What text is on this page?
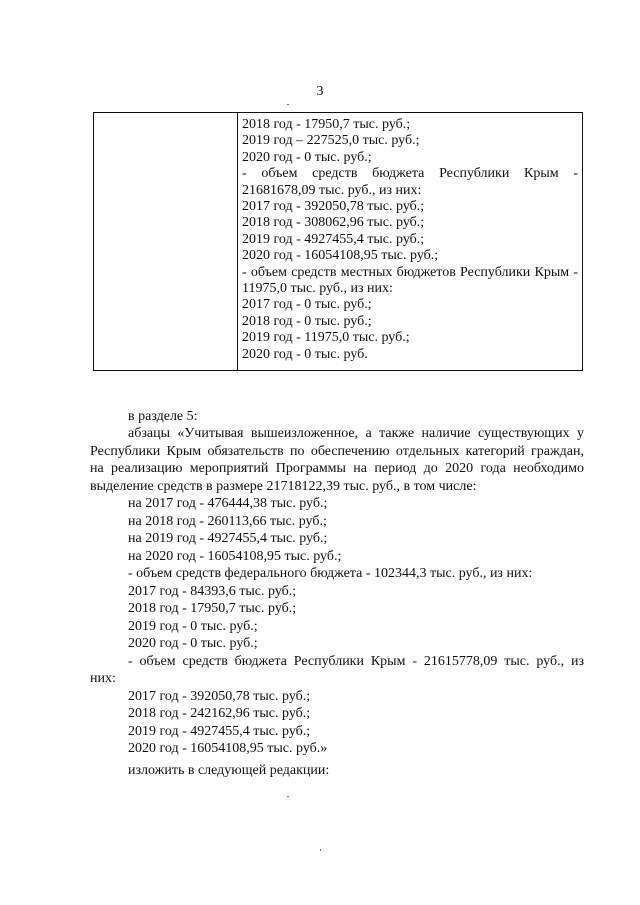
3

2018 год - 17950,7 тыс. руб.;
2019 год – 227525,0 тыс. руб.;
2020 год - 0 тыс. руб.;
- объем средств бюджета Республики Крым -
21681678,09 тыс. руб., из них:
2017 год - 392050,78 тыс. руб.;
2018 год - 308062,96 тыс. руб.;
2019 год - 4927455,4 тыс. руб.;
2020 год - 16054108,95 тыс. руб.;
- объем средств местных бюджетов Республики Крым -
11975,0 тыс. руб., из них:
2017 год - 0 тыс. руб.;
2018 год - 0 тыс. руб.;
2019 год - 11975,0 тыс. руб.;
2020 год - 0 тыс. руб.
в разделе 5:
абзацы «Учитывая вышеизложенное, а также наличие существующих у
Республики Крым обязательств по обеспечению отдельных категорий граждан,
на реализацию мероприятий Программы на период до 2020 года необходимо
выделение средств в размере 21718122,39 тыс. руб., в том числе:
на 2017 год - 476444,38 тыс. руб.;
на 2018 год - 260113,66 тыс. руб.;
на 2019 год - 4927455,4 тыс. руб.;
на 2020 год - 16054108,95 тыс. руб.;
- объем средств федерального бюджета - 102344,3 тыс. руб., из них:
2017 год - 84393,6 тыс. руб.;
2018 год - 17950,7 тыс. руб.;
2019 год - 0 тыс. руб.;
2020 год - 0 тыс. руб.;
- объем средств бюджета Республики Крым - 21615778,09 тыс. руб., из
них:
2017 год - 392050,78 тыс. руб.;
2018 год - 242162,96 тыс. руб.;
2019 год - 4927455,4 тыс. руб.;
2020 год - 16054108,95 тыс. руб.»
изложить в следующей редакции:
